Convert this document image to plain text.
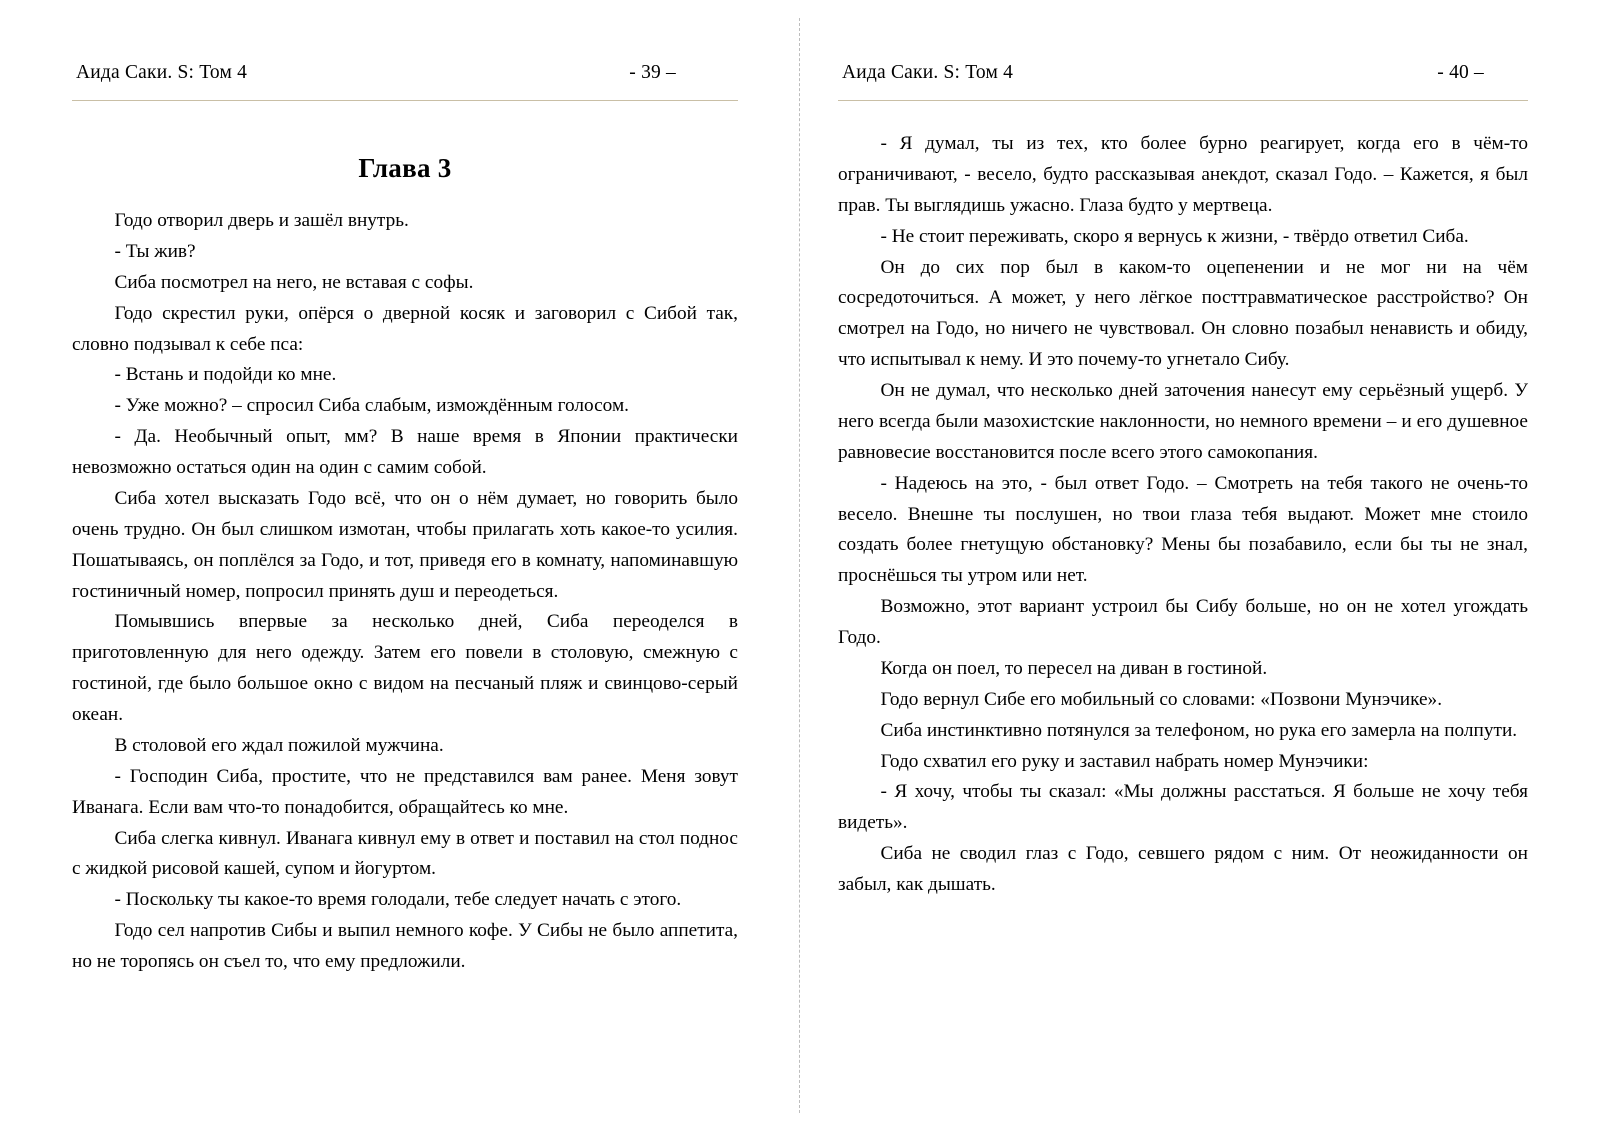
Аида Саки. S: Том 4	- 39 –
Глава 3

Годо отворил дверь и зашёл внутрь.

- Ты жив?

Сиба посмотрел на него, не вставая с софы.

Годо скрестил руки, опёрся о дверной косяк и заговорил с Сибой так, словно подзывал к себе пса:

- Встань и подойди ко мне.

- Уже можно? – спросил Сиба слабым, измождённым голосом.

- Да. Необычный опыт, мм? В наше время в Японии практически невозможно остаться один на один с самим собой.

Сиба хотел высказать Годо всё, что он о нём думает, но говорить было очень трудно. Он был слишком измотан, чтобы прилагать хоть какое-то усилия. Пошатываясь, он поплёлся за Годо, и тот, приведя его в комнату, напоминавшую гостиничный номер, попросил принять душ и переодеться.

Помывшись впервые за несколько дней, Сиба переоделся в приготовленную для него одежду. Затем его повели в столовую, смежную с гостиной, где было большое окно с видом на песчаный пляж и свинцово-серый океан.

В столовой его ждал пожилой мужчина.

- Господин Сиба, простите, что не представился вам ранее. Меня зовут Иванага. Если вам что-то понадобится, обращайтесь ко мне.

Сиба слегка кивнул. Иванага кивнул ему в ответ и поставил на стол поднос с жидкой рисовой кашей, супом и йогуртом.

- Поскольку ты какое-то время голодали, тебе следует начать с этого.

Годо сел напротив Сибы и выпил немного кофе. У Сибы не было аппетита, но не торопясь он съел то, что ему предложили.

Аида Саки. S: Том 4	- 40 –

- Я думал, ты из тех, кто более бурно реагирует, когда его в чём-то ограничивают, - весело, будто рассказывая анекдот, сказал Годо. – Кажется, я был прав. Ты выглядишь ужасно. Глаза будто у мертвеца.

- Не стоит переживать, скоро я вернусь к жизни, - твёрдо ответил Сиба.

Он до сих пор был в каком-то оцепенении и не мог ни на чём сосредоточиться. А может, у него лёгкое посттравматическое расстройство? Он смотрел на Годо, но ничего не чувствовал. Он словно позабыл ненависть и обиду, что испытывал к нему. И это почему-то угнетало Сибу.

Он не думал, что несколько дней заточения нанесут ему серьёзный ущерб. У него всегда были мазохистские наклонности, но немного времени – и его душевное равновесие восстановится после всего этого самокопания.

- Надеюсь на это, - был ответ Годо. – Смотреть на тебя такого не очень-то весело. Внешне ты послушен, но твои глаза тебя выдают. Может мне стоило создать более гнетущую обстановку? Мены бы позабавило, если бы ты не знал, проснёшься ты утром или нет.

Возможно, этот вариант устроил бы Сибу больше, но он не хотел угождать Годо.

Когда он поел, то пересел на диван в гостиной.

Годо вернул Сибе его мобильный со словами: «Позвони Мунэчике».

Сиба инстинктивно потянулся за телефоном, но рука его замерла на полпути.

Годо схватил его руку и заставил набрать номер Мунэчики:

- Я хочу, чтобы ты сказал: «Мы должны расстаться. Я больше не хочу тебя видеть».

Сиба не сводил глаз с Годо, севшего рядом с ним. От неожиданности он забыл, как дышать.
